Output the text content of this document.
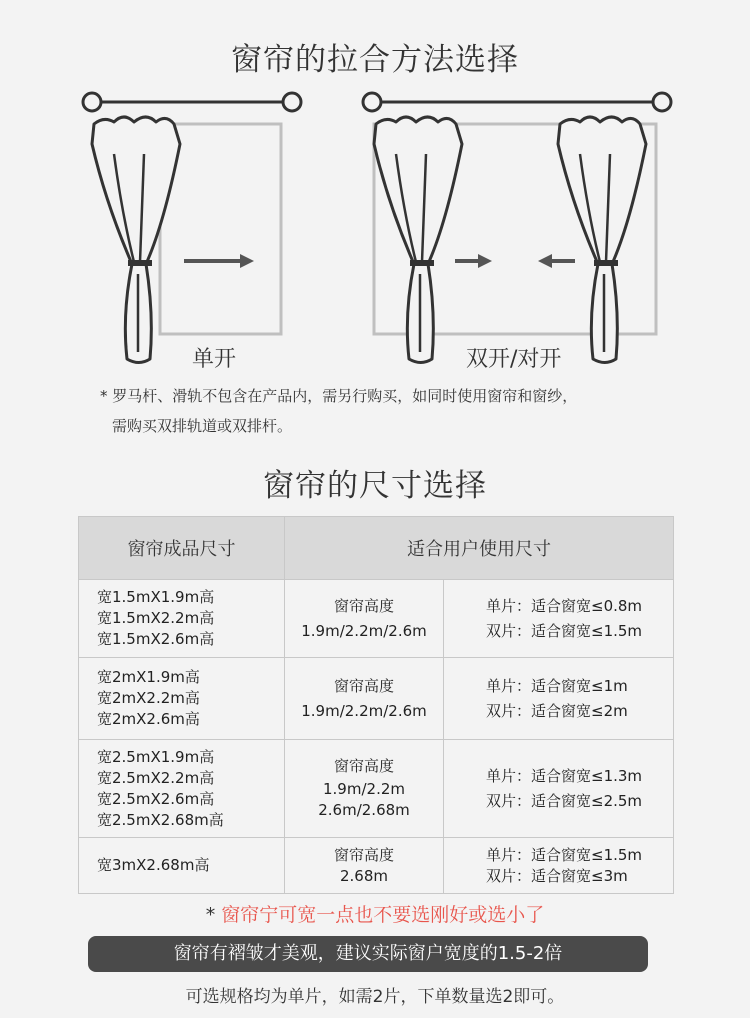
窗帘的拉合方法选择
单开	双开/对开
* 罗马杆、滑轨不包含在产品内，需另行购买，如同时使用窗帘和窗纱，
需购买双排轨道或双排杆。
窗帘的尺寸选择
窗帘成品尺寸	适合用户使用尺寸	

宽1.5mX1.9m高
宽1.5mX2.2m高
宽1.5mX2.6m高	窗帘高度
1.9m/2.2m/2.6m	单片：适合窗宽≤0.8m
双片：适合窗宽≤1.5m

宽2mX1.9m高
宽2mX2.2m高
宽2mX2.6m高	窗帘高度
1.9m/2.2m/2.6m	单片：适合窗宽≤1m
双片：适合窗宽≤2m

宽2.5mX1.9m高
宽2.5mX2.2m高
宽2.5mX2.6m高
宽2.5mX2.68m高	窗帘高度
1.9m/2.2m
2.6m/2.68m	单片：适合窗宽≤1.3m
双片：适合窗宽≤2.5m

宽3mX2.68m高	窗帘高度
2.68m	单片：适合窗宽≤1.5m
双片：适合窗宽≤3m
* 窗帘宁可宽一点也不要选刚好或选小了
窗帘有褶皱才美观，建议实际窗户宽度的1.5-2倍
可选规格均为单片，如需2片，下单数量选2即可。
